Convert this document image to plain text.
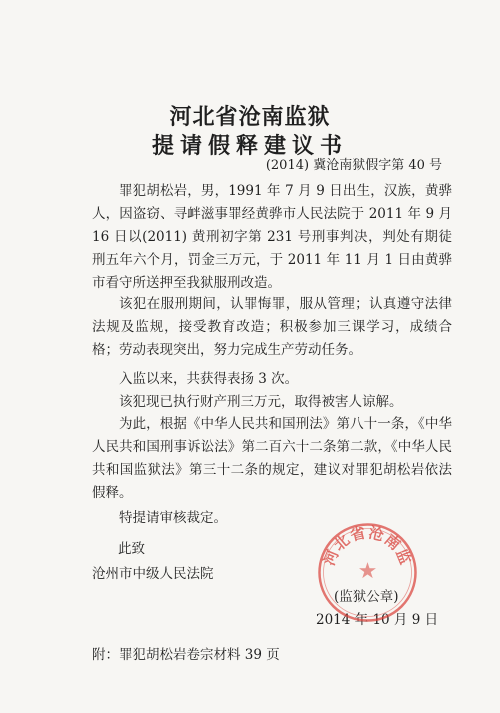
河北省沧南监狱
提请假释建议书
(2014) 冀沧南狱假字第 40 号

罪犯胡松岩，男，1991 年 7 月 9 日出生，汉族，黄骅人，因盗窃、寻衅滋事罪经黄骅市人民法院于 2011 年 9 月 16 日以(2011) 黄刑初字第 231 号刑事判决，判处有期徒刑五年六个月，罚金三万元，于 2011 年 11 月 1 日由黄骅市看守所送押至我狱服刑改造。

该犯在服刑期间，认罪悔罪，服从管理；认真遵守法律法规及监规，接受教育改造；积极参加三课学习，成绩合格；劳动表现突出，努力完成生产劳动任务。

入监以来，共获得表扬 3 次。

该犯现已执行财产刑三万元，取得被害人谅解。

为此，根据《中华人民共和国刑法》第八十一条，《中华人民共和国刑事诉讼法》第二百六十二条第二款，《中华人民共和国监狱法》第三十二条的规定，建议对罪犯胡松岩依法假释。

特提请审核裁定。

此致
沧州市中级人民法院
(监狱公章)
2014 年 10 月 9 日
附：罪犯胡松岩卷宗材料 39 页
河北省沧南监
★
